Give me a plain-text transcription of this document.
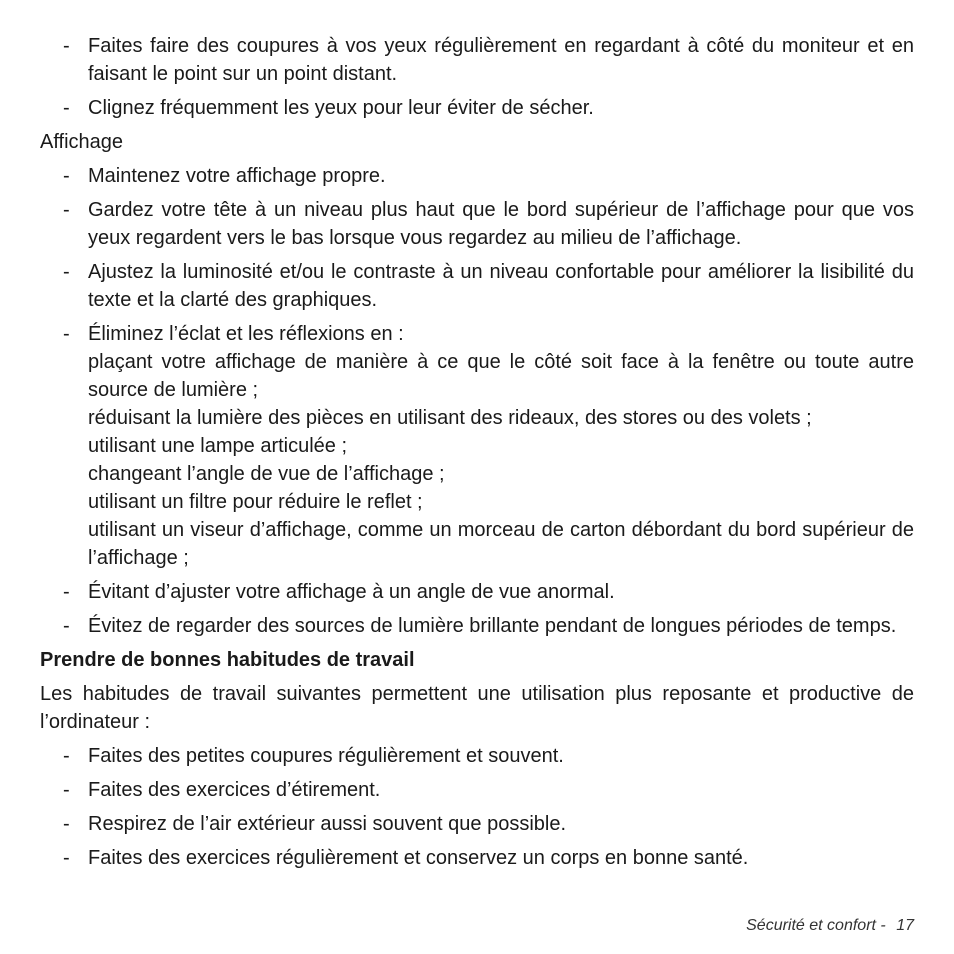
- Faites faire des coupures à vos yeux régulièrement en regardant à côté du moniteur et en faisant le point sur un point distant.

- Clignez fréquemment les yeux pour leur éviter de sécher.

Affichage

- Maintenez votre affichage propre.

- Gardez votre tête à un niveau plus haut que le bord supérieur de l’affichage pour que vos yeux regardent vers le bas lorsque vous regardez au milieu de l’affichage.

- Ajustez la luminosité et/ou le contraste à un niveau confortable pour améliorer la lisibilité du texte et la clarté des graphiques.

- Éliminez l’éclat et les réflexions en :

plaçant votre affichage de manière à ce que le côté soit face à la fenêtre ou toute autre source de lumière ;

réduisant la lumière des pièces en utilisant des rideaux, des stores ou des volets ;

utilisant une lampe articulée ;

changeant l’angle de vue de l’affichage ;

utilisant un filtre pour réduire le reflet ;

utilisant un viseur d’affichage, comme un morceau de carton débordant du bord supérieur de l’affichage ;

- Évitant d’ajuster votre affichage à un angle de vue anormal.

- Évitez de regarder des sources de lumière brillante pendant de longues périodes de temps.

Prendre de bonnes habitudes de travail

Les habitudes de travail suivantes permettent une utilisation plus reposante et productive de l’ordinateur :

- Faites des petites coupures régulièrement et souvent.

- Faites des exercices d’étirement.

- Respirez de l’air extérieur aussi souvent que possible.

- Faites des exercices régulièrement et conservez un corps en bonne santé.

Sécurité et confort - 17
